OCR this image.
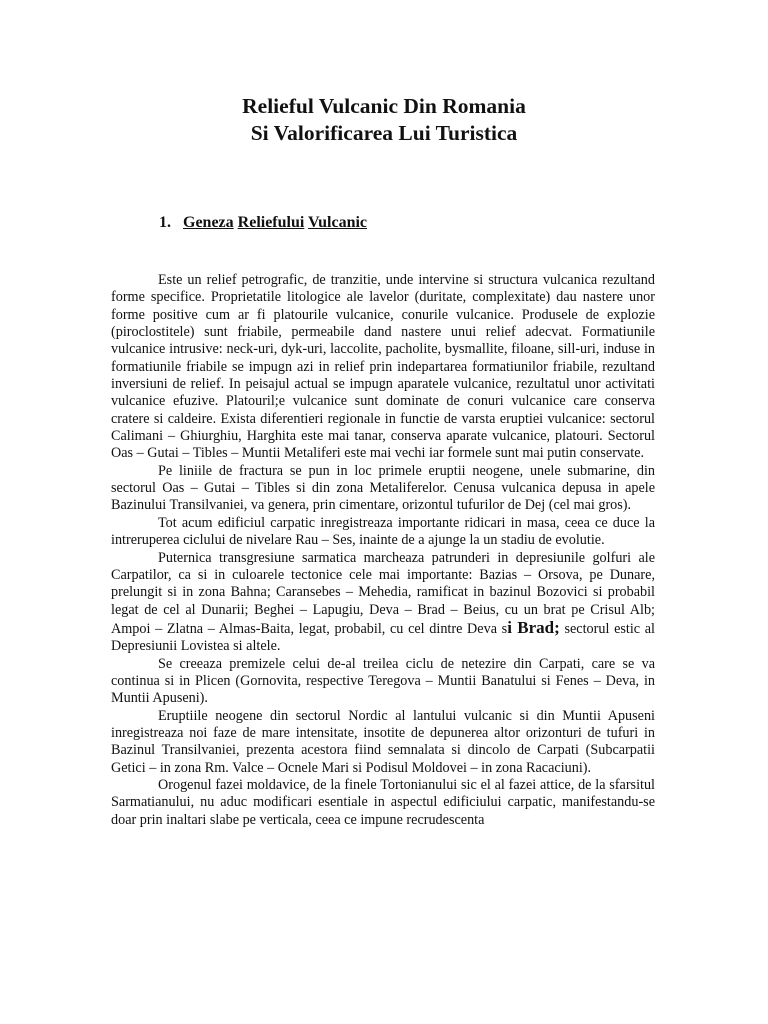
Relieful Vulcanic Din Romania
Si Valorificarea Lui Turistica
1. Geneza Reliefului Vulcanic

Este un relief petrografic, de tranzitie, unde intervine si structura vulcanica rezultand forme specifice. Proprietatile litologice ale lavelor (duritate, complexitate) dau nastere unor forme positive cum ar fi platourile vulcanice, conurile vulcanice. Produsele de explozie (piroclostitele) sunt friabile, permeabile dand nastere unui relief adecvat. Formatiunile vulcanice intrusive: neck-uri, dyk-uri, laccolite, pacholite, bysmallite, filoane, sill-uri, induse in formatiunile friabile se impugn azi in relief prin indepartarea formatiunilor friabile, rezultand inversiuni de relief. In peisajul actual se impugn aparatele vulcanice, rezultatul unor activitati vulcanice efuzive. Platouril;e vulcanice sunt dominate de conuri vulcanice care conserva cratere si caldeire. Exista diferentieri regionale in functie de varsta eruptiei vulcanice: sectorul Calimani – Ghiurghiu, Harghita este mai tanar, conserva aparate vulcanice, platouri. Sectorul Oas – Gutai – Tibles – Muntii Metaliferi este mai vechi iar formele sunt mai putin conservate.

Pe liniile de fractura se pun in loc primele eruptii neogene, unele submarine, din sectorul Oas – Gutai – Tibles si din zona Metaliferelor. Cenusa vulcanica depusa in apele Bazinului Transilvaniei, va genera, prin cimentare, orizontul tufurilor de Dej (cel mai gros).

Tot acum edificiul carpatic inregistreaza importante ridicari in masa, ceea ce duce la intreruperea ciclului de nivelare Rau – Ses, inainte de a ajunge la un stadiu de evolutie.

Puternica transgresiune sarmatica marcheaza patrunderi in depresiunile golfuri ale Carpatilor, ca si in culoarele tectonice cele mai importante: Bazias – Orsova, pe Dunare, prelungit si in zona Bahna; Caransebes – Mehedia, ramificat in bazinul Bozovici si probabil legat de cel al Dunarii; Beghei – Lapugiu, Deva – Brad – Beius, cu un brat pe Crisul Alb; Ampoi – Zlatna – Almas-Baita, legat, probabil, cu cel dintre Deva si Brad; sectorul estic al Depresiunii Lovistea si altele.

Se creeaza premizele celui de-al treilea ciclu de netezire din Carpati, care se va continua si in Plicen (Gornovita, respective Teregova – Muntii Banatului si Fenes – Deva, in Muntii Apuseni).

Eruptiile neogene din sectorul Nordic al lantului vulcanic si din Muntii Apuseni inregistreaza noi faze de mare intensitate, insotite de depunerea altor orizonturi de tufuri in Bazinul Transilvaniei, prezenta acestora fiind semnalata si dincolo de Carpati (Subcarpatii Getici – in zona Rm. Valce – Ocnele Mari si Podisul Moldovei – in zona Racaciuni).

Orogenul fazei moldavice, de la finele Tortonianului sic el al fazei attice, de la sfarsitul Sarmatianului, nu aduc modificari esentiale in aspectul edificiului carpatic, manifestandu-se doar prin inaltari slabe pe verticala, ceea ce impune recrudescenta
